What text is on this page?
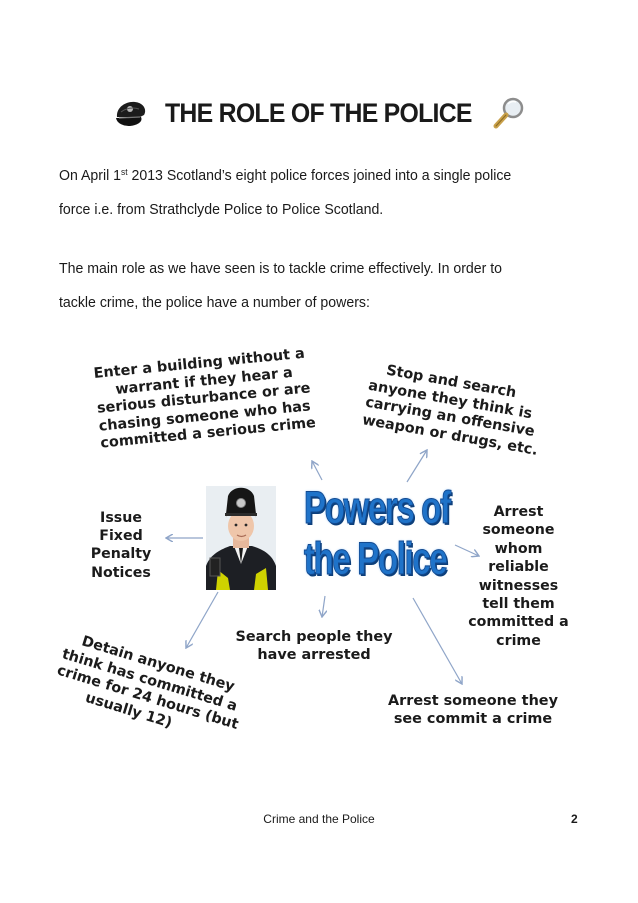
THE ROLE OF THE POLICE

On April 1st 2013 Scotland’s eight police forces joined into a single police force i.e. from Strathclyde Police to Police Scotland.

The main role as we have seen is to tackle crime effectively. In order to tackle crime, the police have a number of powers:

Enter a building without a
warrant if they hear a
serious disturbance or are
chasing someone who has
committed a serious crime
Stop and search
anyone they think is
carrying an offensive
weapon or drugs, etc.
Issue
Fixed
Penalty
Notices
Arrest
someone
whom
reliable
witnesses
tell them
committed a
crime
Detain anyone they
think has committed a
crime for 24 hours (but
usually 12)
Search people they
have arrested
Arrest someone they
see commit a crime
Powers of
the Police
Crime and the Police	2
